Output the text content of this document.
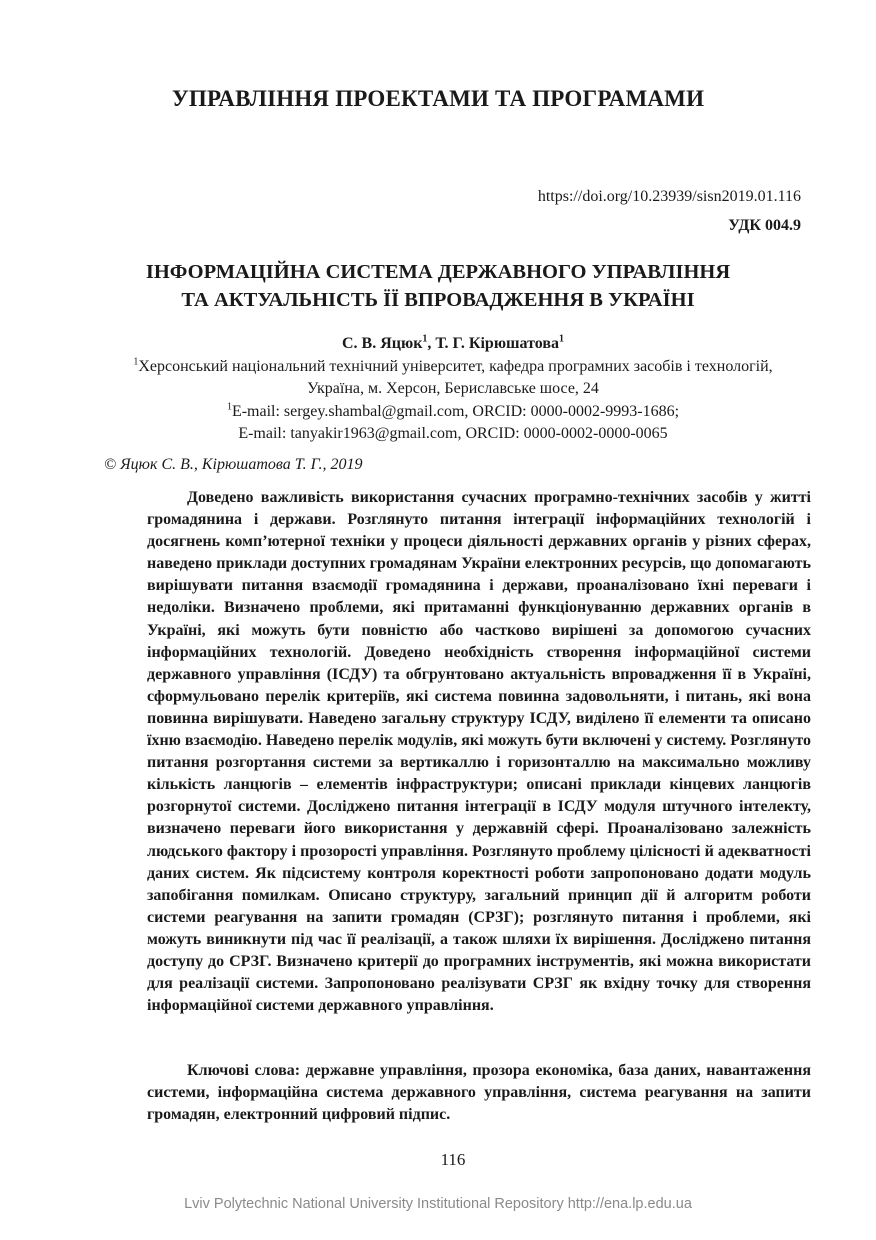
УПРАВЛІННЯ ПРОЕКТАМИ ТА ПРОГРАМАМИ
https://doi.org/10.23939/sisn2019.01.116
УДК 004.9
ІНФОРМАЦІЙНА СИСТЕМА ДЕРЖАВНОГО УПРАВЛІННЯ
ТА АКТУАЛЬНІСТЬ ЇЇ ВПРОВАДЖЕННЯ В УКРАЇНІ
С. В. Яцюк$^1$, Т. Г. Кірюшатова$^1$
$^1$Херсонський національний технічний університет, кафедра програмних засобів і технологій,
Україна, м. Херсон, Бериславське шосе, 24
$^1$E-mail: sergey.shambal@gmail.com, ORCID: 0000-0002-9993-1686;
E-mail: tanyakir1963@gmail.com, ORCID: 0000-0002-0000-0065
© Яцюк С. В., Кірюшатова Т. Г., 2019

Доведено важливість використання сучасних програмно-технічних засобів у житті громадянина і держави. Розглянуто питання інтеграції інформаційних технологій і досягнень комп’ютерної техніки у процеси діяльності державних органів у різних сферах, наведено приклади доступних громадянам України електронних ресурсів, що допомагають вирішувати питання взаємодії громадянина і держави, проаналізовано їхні переваги і недоліки. Визначено проблеми, які притаманні функціонуванню державних органів в Україні, які можуть бути повністю або частково вирішені за допомогою сучасних інформаційних технологій. Доведено необхідність створення інформаційної системи державного управління (ІСДУ) та обгрунтовано актуальність впровадження її в Україні, сформульовано перелік критеріїв, які система повинна задовольняти, і питань, які вона повинна вирішувати. Наведено загальну структуру ІСДУ, виділено її елементи та описано їхню взаємодію. Наведено перелік модулів, які можуть бути включені у систему. Розглянуто питання розгортання системи за вертикаллю і горизонталлю на максимально можливу кількість ланцюгів – елементів інфраструктури; описані приклади кінцевих ланцюгів розгорнутої системи. Досліджено питання інтеграції в ІСДУ модуля штучного інтелекту, визначено переваги його використання у державній сфері. Проаналізовано залежність людського фактору і прозорості управління. Розглянуто проблему цілісності й адекватності даних систем. Як підсистему контроля коректності роботи запропоновано додати модуль запобігання помилкам. Описано структуру, загальний принцип дії й алгоритм роботи системи реагування на запити громадян (СРЗГ); розглянуто питання і проблеми, які можуть виникнути під час її реалізації, а також шляхи їх вирішення. Досліджено питання доступу до СРЗГ. Визначено критерії до програмних інструментів, які можна використати для реалізації системи. Запропоновано реалізувати СРЗГ як вхідну точку для створення інформаційної системи державного управління.

Ключові слова: державне управління, прозора економіка, база даних, навантаження системи, інформаційна система державного управління, система реагування на запити громадян, електронний цифровий підпис.

116
Lviv Polytechnic National University Institutional Repository http://ena.lp.edu.ua
